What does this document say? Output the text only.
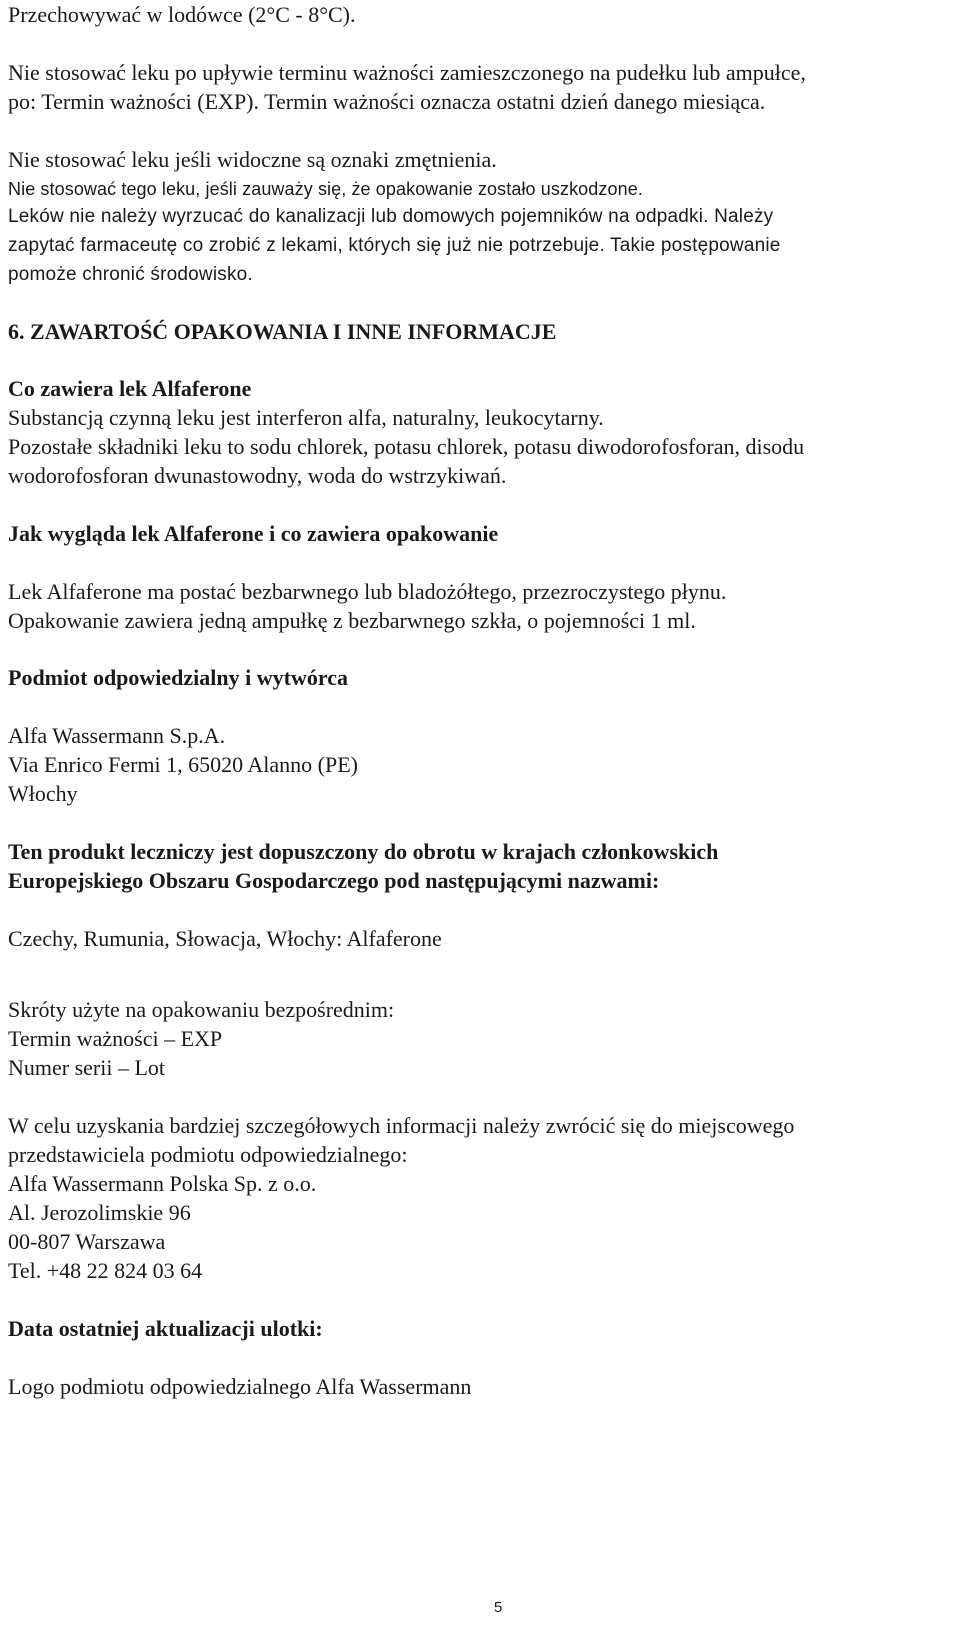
Przechowywać w lodówce (2°C - 8°C).
Nie stosować leku po upływie terminu ważności zamieszczonego na pudełku lub ampułce,
po: Termin ważności (EXP). Termin ważności oznacza ostatni dzień danego miesiąca.
Nie stosować leku jeśli widoczne są oznaki zmętnienia.
Nie stosować tego leku, jeśli zauważy się, że opakowanie zostało uszkodzone.
Leków nie należy wyrzucać do kanalizacji lub domowych pojemników na odpadki. Należy
zapytać farmaceutę co zrobić z lekami, których się już nie potrzebuje. Takie postępowanie
pomoże chronić środowisko.
6. ZAWARTOŚĆ OPAKOWANIA I INNE INFORMACJE
Co zawiera lek Alfaferone
Substancją czynną leku jest interferon alfa, naturalny, leukocytarny.
Pozostałe składniki leku to sodu chlorek, potasu chlorek, potasu diwodorofosforan, disodu
wodorofosforan dwunastowodny, woda do wstrzykiwań.
Jak wygląda lek Alfaferone i co zawiera opakowanie
Lek Alfaferone ma postać bezbarwnego lub bladożółtego, przezroczystego płynu.
Opakowanie zawiera jedną ampułkę z bezbarwnego szkła, o pojemności 1 ml.
Podmiot odpowiedzialny i wytwórca
Alfa Wassermann S.p.A.
Via Enrico Fermi 1, 65020 Alanno (PE)
Włochy
Ten produkt leczniczy jest dopuszczony do obrotu w krajach członkowskich
Europejskiego Obszaru Gospodarczego pod następującymi nazwami:
Czechy, Rumunia, Słowacja, Włochy: Alfaferone
Skróty użyte na opakowaniu bezpośrednim:
Termin ważności – EXP
Numer serii – Lot
W celu uzyskania bardziej szczegółowych informacji należy zwrócić się do miejscowego
przedstawiciela podmiotu odpowiedzialnego:
Alfa Wassermann Polska Sp. z o.o.
Al. Jerozolimskie 96
00-807 Warszawa
Tel. +48 22 824 03 64
Data ostatniej aktualizacji ulotki:
Logo podmiotu odpowiedzialnego Alfa Wassermann
5
